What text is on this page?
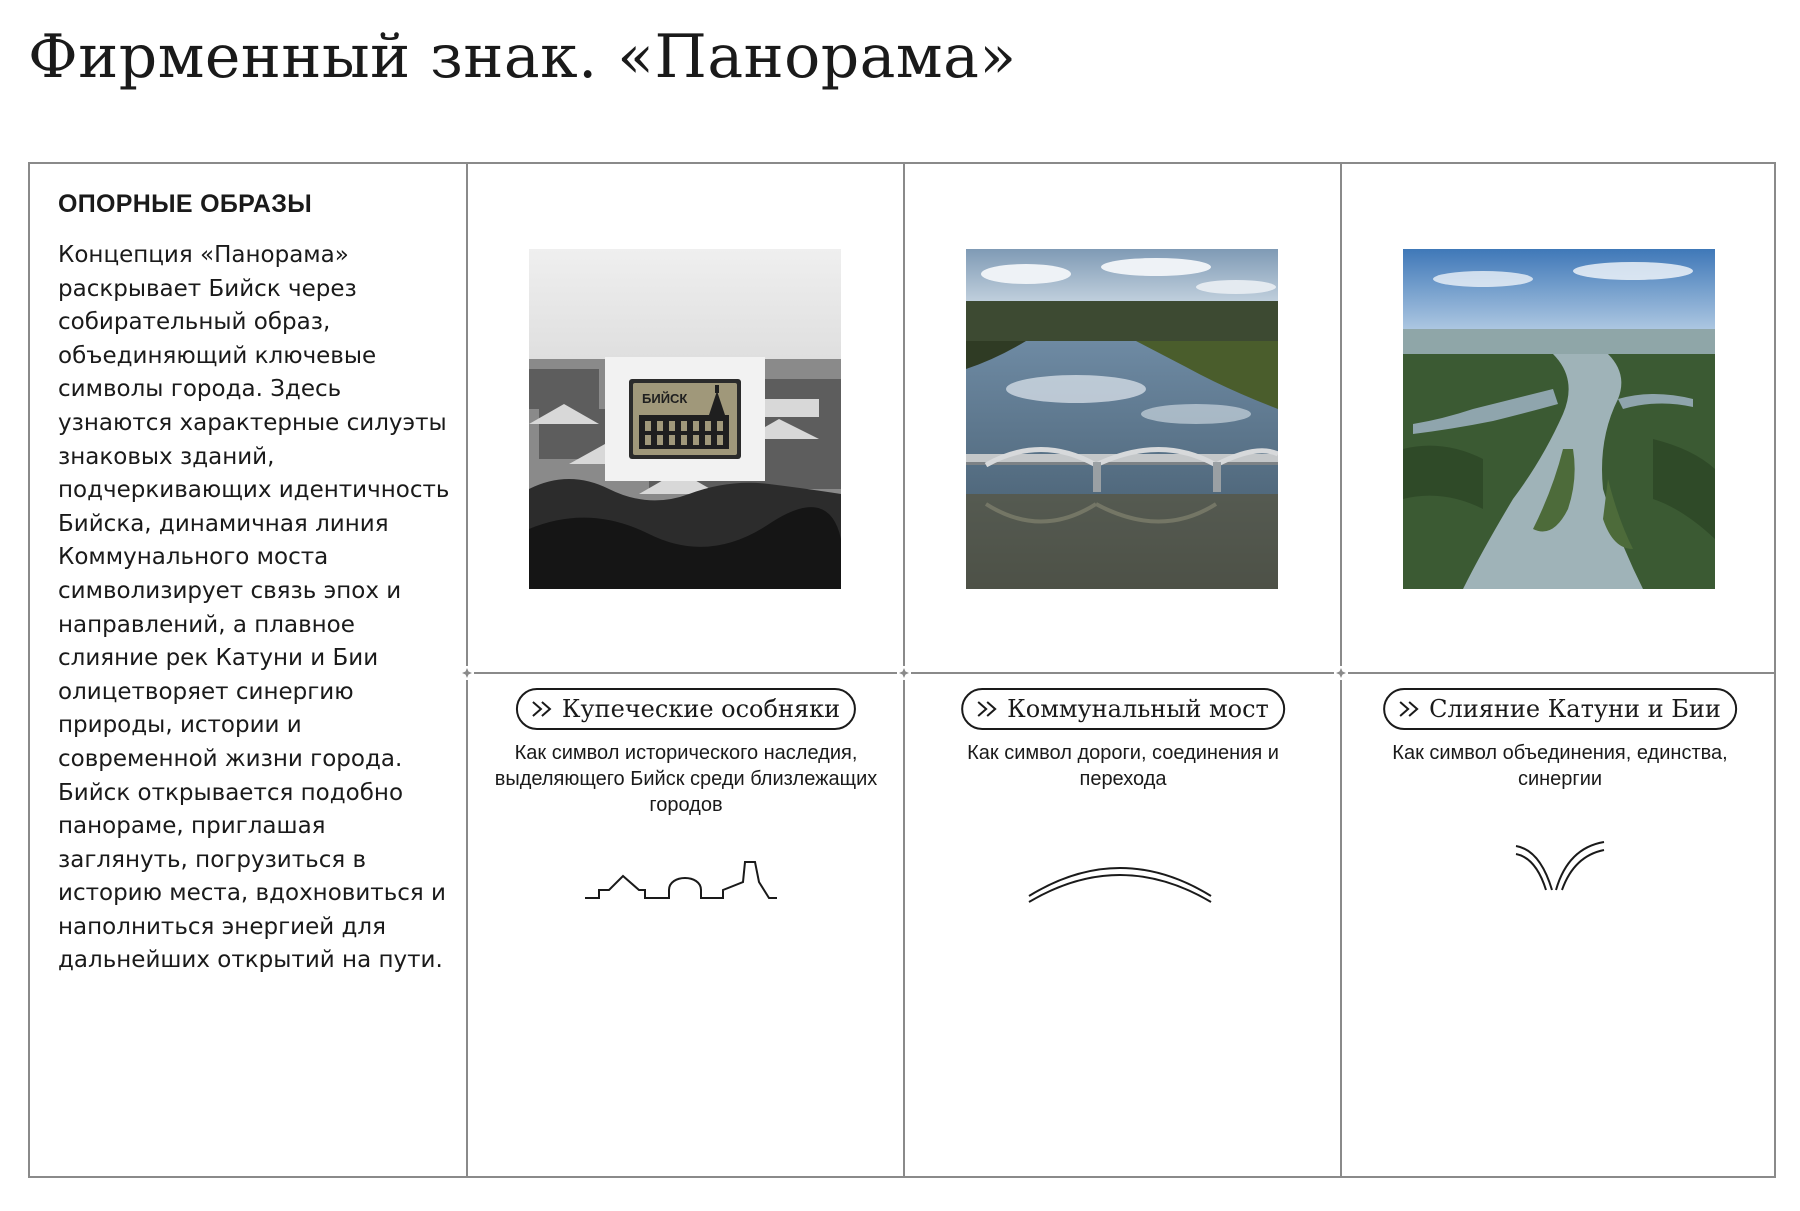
Фирменный знак. «Панорама»
ОПОРНЫЕ ОБРАЗЫ

Концепция «Панорама» раскрывает Бийск через собирательный образ, объединяющий ключевые символы города. Здесь узнаются характерные силуэты знаковых зданий, подчеркивающих идентичность Бийска, динамичная линия Коммунального моста символизирует связь эпох и направлений, а плавное слияние рек Катуни и Бии олицетворяет синергию природы, истории и современной жизни города. Бийск открывается подобно панораме, приглашая заглянуть, погрузиться в историю места, вдохновиться и наполниться энергией для дальнейших открытий на пути.

БИЙСК
Купеческие особняки

Как символ исторического наследия, выделяющего Бийск среди близлежащих городов

Коммунальный мост

Как символ дороги, соединения и перехода

Слияние Катуни и Бии

Как символ объединения, единства, синергии
